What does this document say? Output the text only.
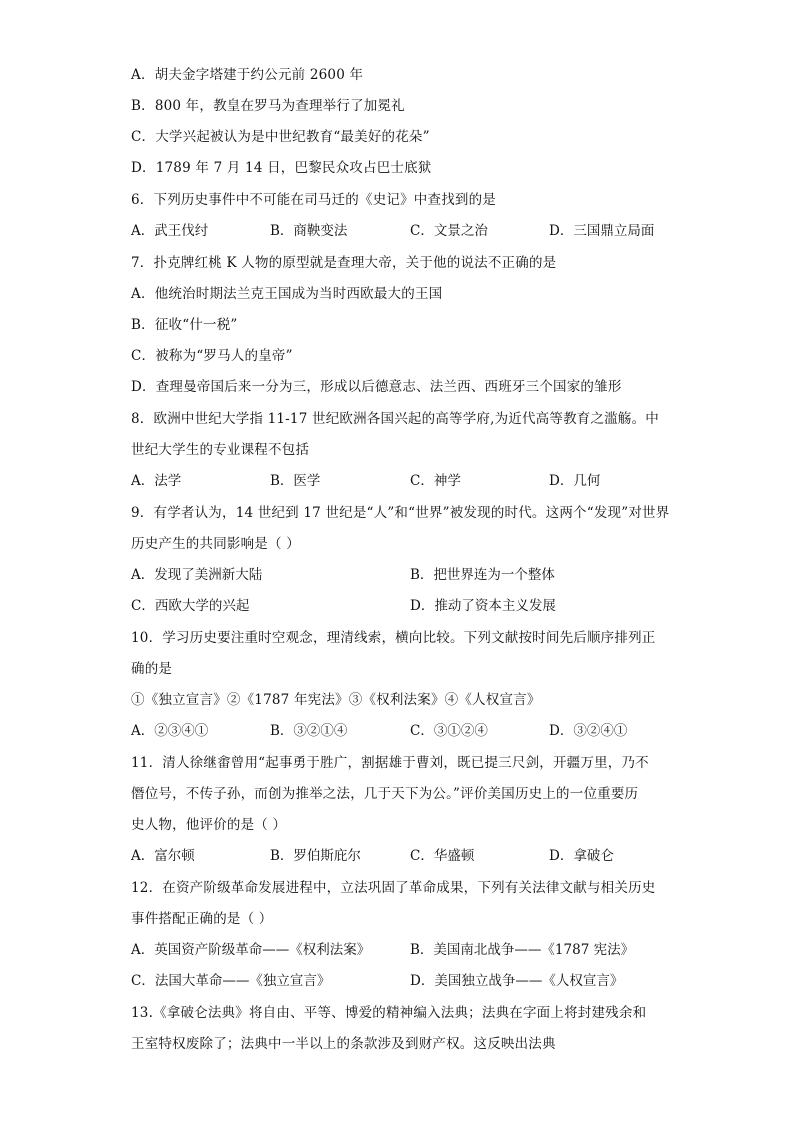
A．胡夫金字塔建于约公元前 2600 年
B．800 年，教皇在罗马为查理举行了加冕礼
C．大学兴起被认为是中世纪教育“最美好的花朵”
D．1789 年 7 月 14 日，巴黎民众攻占巴士底狱
6．下列历史事件中不可能在司马迁的《史记》中查找到的是
A．武王伐纣	B．商鞅变法	C．文景之治	D．三国鼎立局面
7．扑克牌红桃 K 人物的原型就是查理大帝，关于他的说法不正确的是
A．他统治时期法兰克王国成为当时西欧最大的王国
B．征收“什一税”
C．被称为“罗马人的皇帝”
D．查理曼帝国后来一分为三，形成以后德意志、法兰西、西班牙三个国家的雏形
8．欧洲中世纪大学指 11-17 世纪欧洲各国兴起的高等学府,为近代高等教育之滥觞。中
世纪大学生的专业课程不包括
A．法学	B．医学	C．神学	D．几何
9．有学者认为，14 世纪到 17 世纪是“人”和“世界”被发现的时代。这两个“发现”对世界
历史产生的共同影响是（ ）
A．发现了美洲新大陆	B．把世界连为一个整体
C．西欧大学的兴起	D．推动了资本主义发展
10．学习历史要注重时空观念，理清线索，横向比较。下列文献按时间先后顺序排列正
确的是
①《独立宣言》②《1787 年宪法》③《权利法案》④《人权宣言》
A．②③④①	B．③②①④	C．③①②④	D．③②④①
11．清人徐继畬曾用“起事勇于胜广，割据雄于曹刘，既已提三尺剑，开疆万里，乃不
僭位号，不传子孙，而创为推举之法，几于天下为公。”评价美国历史上的一位重要历
史人物，他评价的是（ ）
A．富尔顿	B．罗伯斯庇尔	C．华盛顿	D．拿破仑
12．在资产阶级革命发展进程中，立法巩固了革命成果，下列有关法律文献与相关历史
事件搭配正确的是（ ）
A．英国资产阶级革命——《权利法案》	B．美国南北战争——《1787 宪法》
C．法国大革命——《独立宣言》	D．美国独立战争——《人权宣言》
13.《拿破仑法典》将自由、平等、博爱的精神编入法典；法典在字面上将封建残余和
王室特权废除了；法典中一半以上的条款涉及到财产权。这反映出法典
